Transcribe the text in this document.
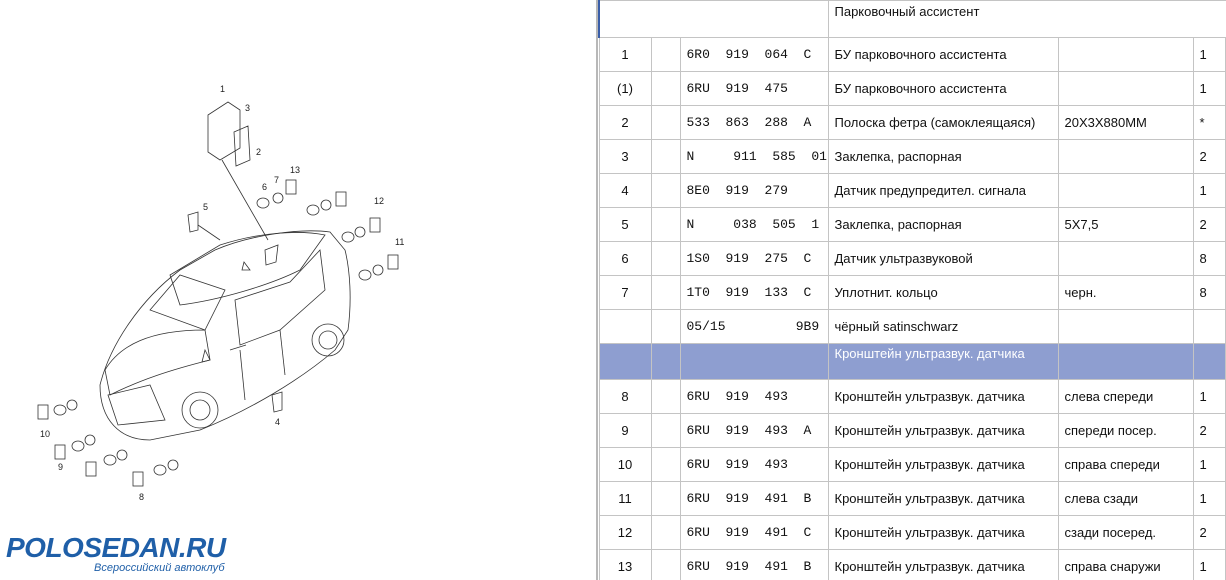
1
2
3
4
5
6
7
8
9
10
11
12
13
POLOSEDAN.RU
Всероссийский автоклуб
			Парковочный ассистент			
1		6R0  919  064  C	БУ парковочного ассистента		1	
(1)		6RU  919  475	БУ парковочного ассистента		1	
2		533  863  288  A	Полоска фетра (самоклеящаяся)	20Х3Х880ММ	*	
3		N     911  585  01	Заклепка, распорная		2	
4		8E0  919  279	Датчик предупредител. сигнала		1	
5		N     038  505  1	Заклепка, распорная	5X7,5	2	
6		1S0  919  275  C	Датчик ультразвуковой		8	
7		1T0  919  133  C	Уплотнит. кольцо	черн.	8	
		05/15         9B9	чёрный satinschwarz			
			Кронштейн ультразвук. датчика			
8		6RU  919  493	Кронштейн ультразвук. датчика	слева спереди	1	
9		6RU  919  493  A	Кронштейн ультразвук. датчика	спереди посер.	2	
10		6RU  919  493	Кронштейн ультразвук. датчика	справа спереди	1	
11		6RU  919  491  B	Кронштейн ультразвук. датчика	слева сзади	1	
12		6RU  919  491  C	Кронштейн ультразвук. датчика	сзади посеред.	2	
13		6RU  919  491  B	Кронштейн ультразвук. датчика	справа снаружи	1	
